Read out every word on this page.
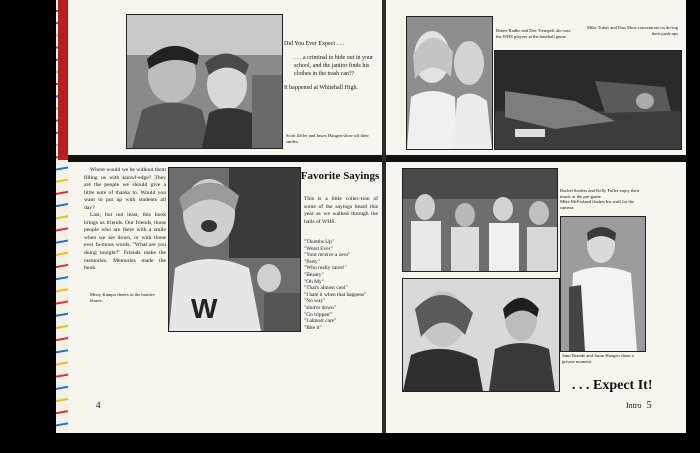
Did You Ever Expect . . .
. . . a criminal to hide out in your school, and the janitor finds his clothes in the trash can??
It happened at Whitehall High.
Scott Zeller and Jason Haugen show off their smiles.
Where would we be without them filling us with knowl-edge? They are the people we should give a little note of thanks to. Would you want to put up with students all day?
Last, but not least, this book brings us friends. Our friends, those people who are there with a smile when we are down, or with those ever fa-mous words, "What are you doing tonight?" Friends make the memories. Memories made the book.
Missy Kampa cheers as the bonfire blazes.	W
Favorite Sayings
This is a little collec-tion of some of the sayings heard this year as we walked through the halls of WHS.
"Thumbs Up"
"Worst Ever"
"Your receive a zero"
"Party"
"Who really cares!"
"Beauty"
"Oh My"
"That's almost cool"
"I hate it when that happens"
"No way"
"shut'er down"
"Go trippen'"
"I almost care"
"Bite it"
4
Renee Radke and Dee Trempelt dis-cuss the WHS players at the baseball game.
Mike Tuttas and Dan Moss concentrate on do-ing their push-ups
Rachel Sealers and Kelly Fuller enjoy their music at the pre-game.
Mike McFarland flashes his stuff for the camera.
Jami Brande and Jason Haugen share a private moment.
. . . Expect It!
Intro 5
